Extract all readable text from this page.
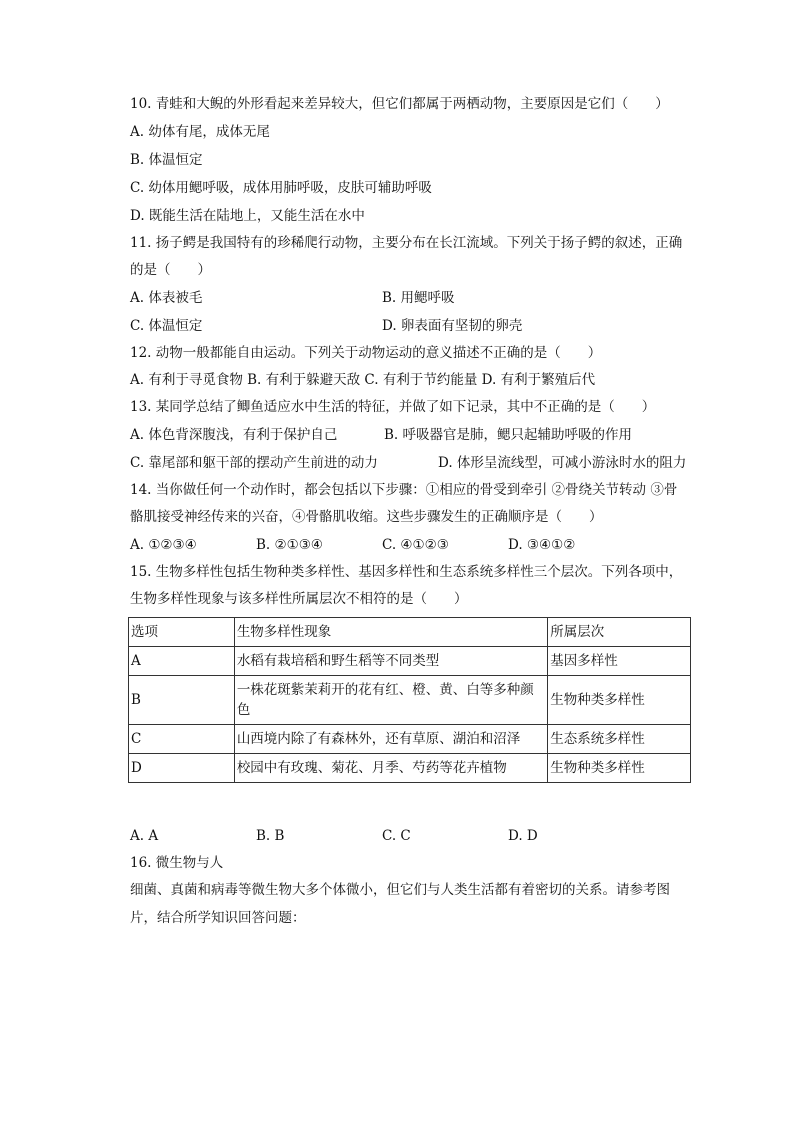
10. 青蛙和大鲵的外形看起来差异较大，但它们都属于两栖动物，主要原因是它们（　　）
A. 幼体有尾，成体无尾
B. 体温恒定
C. 幼体用鳃呼吸，成体用肺呼吸，皮肤可辅助呼吸
D. 既能生活在陆地上，又能生活在水中
11. 扬子鳄是我国特有的珍稀爬行动物，主要分布在长江流域。下列关于扬子鳄的叙述，正确
的是（　　）
A. 体表被毛	B. 用鳃呼吸
C. 体温恒定	D. 卵表面有坚韧的卵壳
12. 动物一般都能自由运动。下列关于动物运动的意义描述不正确的是（　　）
A. 有利于寻觅食物 B. 有利于躲避天敌 C. 有利于节约能量 D. 有利于繁殖后代
13. 某同学总结了鲫鱼适应水中生活的特征，并做了如下记录，其中不正确的是（　　）
A. 体色背深腹浅，有利于保护自己	B. 呼吸器官是肺，鳃只起辅助呼吸的作用
C. 靠尾部和躯干部的摆动产生前进的动力	D. 体形呈流线型，可减小游泳时水的阻力
14. 当你做任何一个动作时，都会包括以下步骤：①相应的骨受到牵引 ②骨绕关节转动 ③骨
骼肌接受神经传来的兴奋，④骨骼肌收缩。这些步骤发生的正确顺序是（　　）
A. ①②③④	B. ②①③④	C. ④①②③	D. ③④①②
15. 生物多样性包括生物种类多样性、基因多样性和生态系统多样性三个层次。下列各项中，
生物多样性现象与该多样性所属层次不相符的是（　　）
选项	生物多样性现象	所属层次
A	水稻有栽培稻和野生稻等不同类型	基因多样性
B	一株花斑紫茉莉开的花有红、橙、黄、白等多种颜色	生物种类多样性
C	山西境内除了有森林外，还有草原、湖泊和沼泽	生态系统多样性
D	校园中有玫瑰、菊花、月季、芍药等花卉植物	生物种类多样性
A. A	B. B	C. C	D. D
16. 微生物与人
细菌、真菌和病毒等微生物大多个体微小，但它们与人类生活都有着密切的关系。请参考图
片，结合所学知识回答问题：
